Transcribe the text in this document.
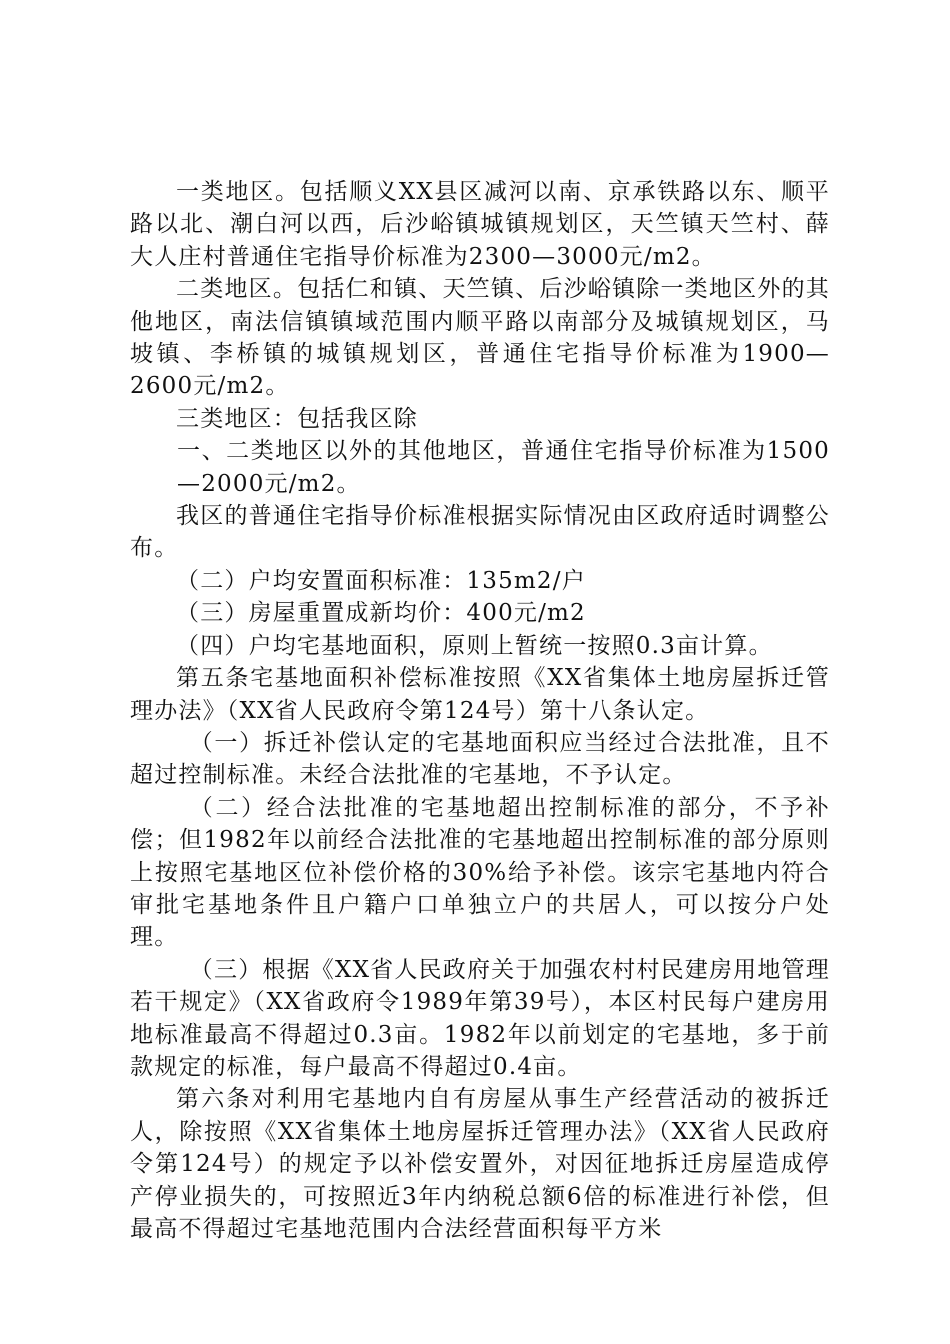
一类地区。包括顺义XX县区减河以南、京承铁路以东、顺平路以北、潮白河以西，后沙峪镇城镇规划区，天竺镇天竺村、薛大人庄村普通住宅指导价标准为2300—3000元/m2。

二类地区。包括仁和镇、天竺镇、后沙峪镇除一类地区外的其他地区，南法信镇镇域范围内顺平路以南部分及城镇规划区，马坡镇、李桥镇的城镇规划区，普通住宅指导价标准为1900—2600元/m2。

三类地区：包括我区除

一、二类地区以外的其他地区，普通住宅指导价标准为1500—2000元/m2。

我区的普通住宅指导价标准根据实际情况由区政府适时调整公布。

（二）户均安置面积标准：135m2/户

（三）房屋重置成新均价：400元/m2

（四）户均宅基地面积，原则上暂统一按照0.3亩计算。

第五条宅基地面积补偿标准按照《XX省集体土地房屋拆迁管理办法》（XX省人民政府令第124号）第十八条认定。

（一）拆迁补偿认定的宅基地面积应当经过合法批准，且不超过控制标准。未经合法批准的宅基地，不予认定。

（二）经合法批准的宅基地超出控制标准的部分，不予补偿；但1982年以前经合法批准的宅基地超出控制标准的部分原则上按照宅基地区位补偿价格的30%给予补偿。该宗宅基地内符合审批宅基地条件且户籍户口单独立户的共居人，可以按分户处理。

（三）根据《XX省人民政府关于加强农村村民建房用地管理若干规定》（XX省政府令1989年第39号），本区村民每户建房用地标准最高不得超过0.3亩。1982年以前划定的宅基地，多于前款规定的标准，每户最高不得超过0.4亩。

第六条对利用宅基地内自有房屋从事生产经营活动的被拆迁人，除按照《XX省集体土地房屋拆迁管理办法》（XX省人民政府令第124号）的规定予以补偿安置外，对因征地拆迁房屋造成停产停业损失的，可按照近3年内纳税总额6倍的标准进行补偿，但最高不得超过宅基地范围内合法经营面积每平方米
